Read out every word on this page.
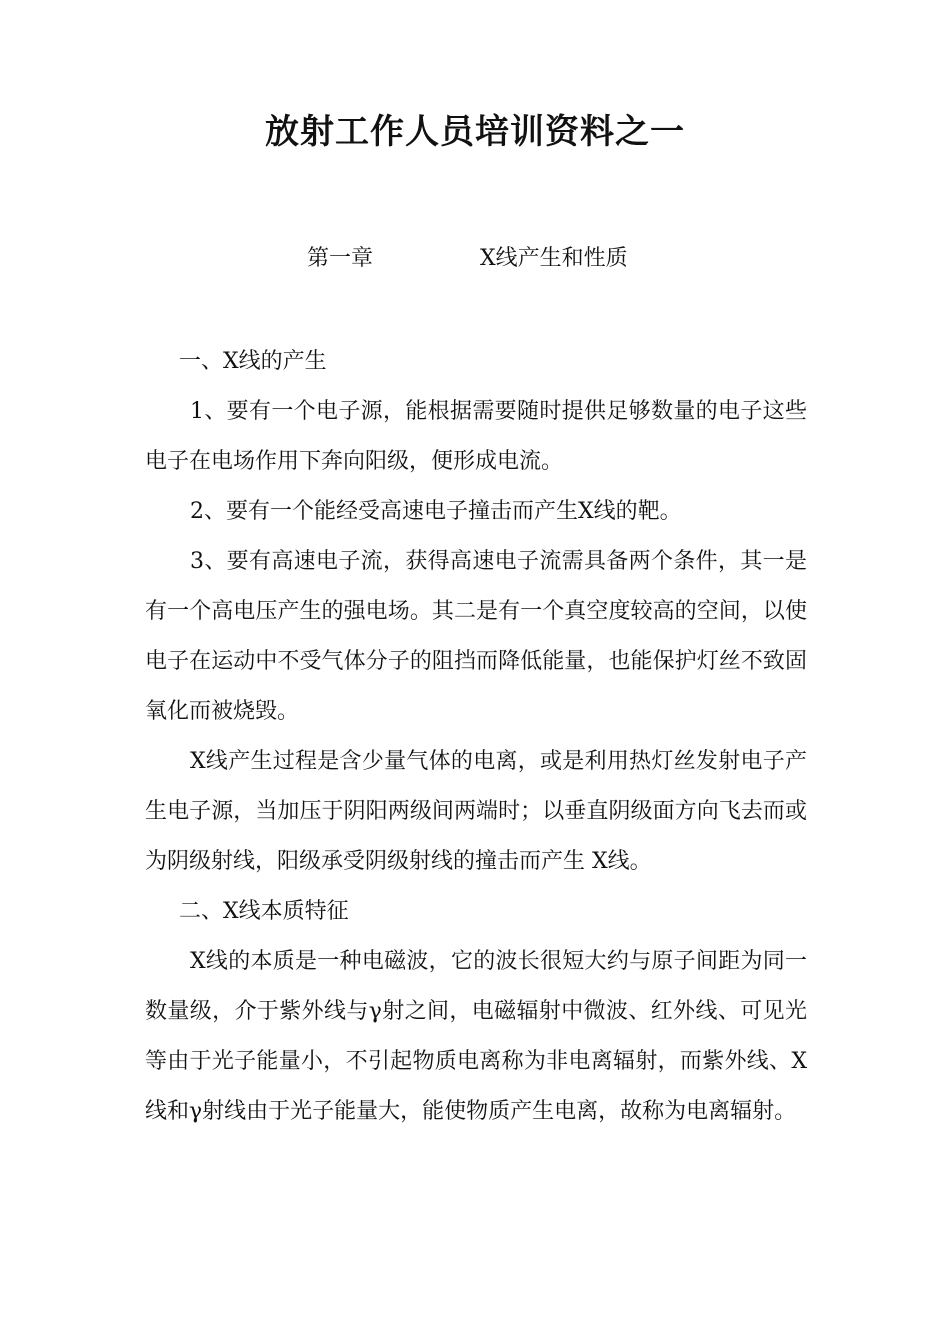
放射工作人员培训资料之一
第一章	X线产生和性质

一、X线的产生

1、要有一个电子源，能根据需要随时提供足够数量的电子这些电子在电场作用下奔向阳级，便形成电流。

2、要有一个能经受高速电子撞击而产生X线的靶。

3、要有高速电子流，获得高速电子流需具备两个条件，其一是有一个高电压产生的强电场。其二是有一个真空度较高的空间，以使电子在运动中不受气体分子的阻挡而降低能量，也能保护灯丝不致固氧化而被烧毁。

X线产生过程是含少量气体的电离，或是利用热灯丝发射电子产生电子源，当加压于阴阳两级间两端时；以垂直阴级面方向飞去而或为阴级射线，阳级承受阴级射线的撞击而产生 X线。

二、X线本质特征

X线的本质是一种电磁波，它的波长很短大约与原子间距为同一数量级，介于紫外线与γ射之间，电磁辐射中微波、红外线、可见光等由于光子能量小，不引起物质电离称为非电离辐射，而紫外线、X线和γ射线由于光子能量大，能使物质产生电离，故称为电离辐射。
